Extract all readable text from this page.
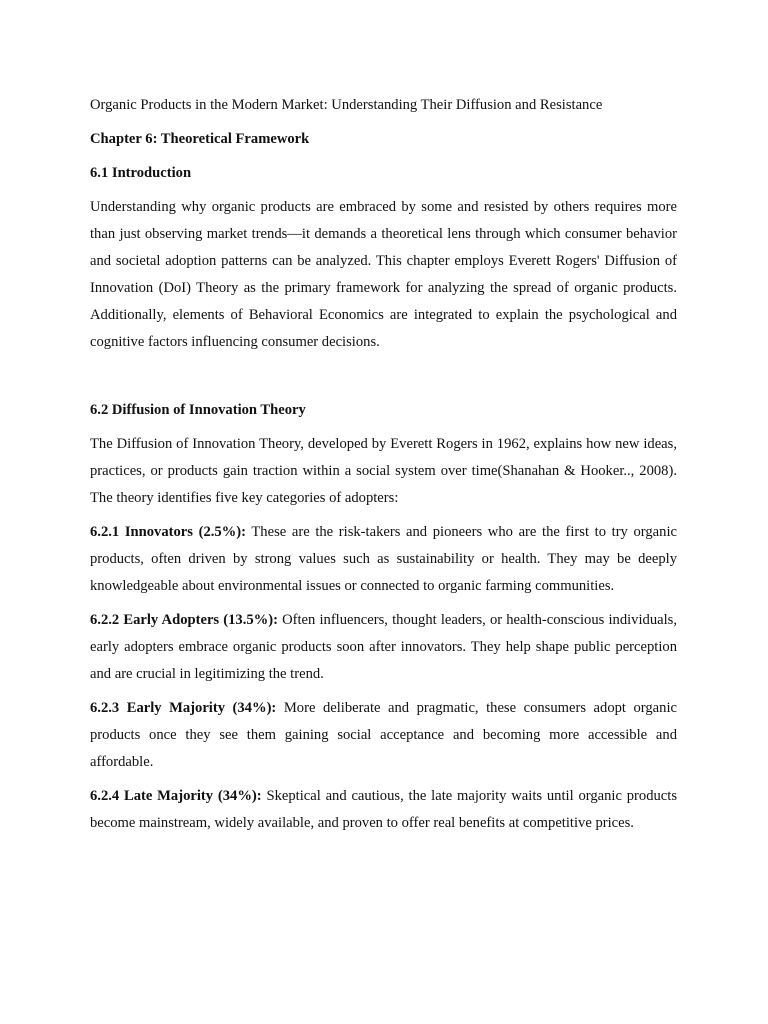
Organic Products in the Modern Market: Understanding Their Diffusion and Resistance

Chapter 6: Theoretical Framework

6.1 Introduction

Understanding why organic products are embraced by some and resisted by others requires more than just observing market trends—it demands a theoretical lens through which consumer behavior and societal adoption patterns can be analyzed. This chapter employs Everett Rogers' Diffusion of Innovation (DoI) Theory as the primary framework for analyzing the spread of organic products. Additionally, elements of Behavioral Economics are integrated to explain the psychological and cognitive factors influencing consumer decisions.

6.2 Diffusion of Innovation Theory

The Diffusion of Innovation Theory, developed by Everett Rogers in 1962, explains how new ideas, practices, or products gain traction within a social system over time(Shanahan & Hooker.., 2008). The theory identifies five key categories of adopters:

6.2.1 Innovators (2.5%): These are the risk-takers and pioneers who are the first to try organic products, often driven by strong values such as sustainability or health. They may be deeply knowledgeable about environmental issues or connected to organic farming communities.

6.2.2 Early Adopters (13.5%): Often influencers, thought leaders, or health-conscious individuals, early adopters embrace organic products soon after innovators. They help shape public perception and are crucial in legitimizing the trend.

6.2.3 Early Majority (34%): More deliberate and pragmatic, these consumers adopt organic products once they see them gaining social acceptance and becoming more accessible and affordable.

6.2.4 Late Majority (34%): Skeptical and cautious, the late majority waits until organic products become mainstream, widely available, and proven to offer real benefits at competitive prices.
